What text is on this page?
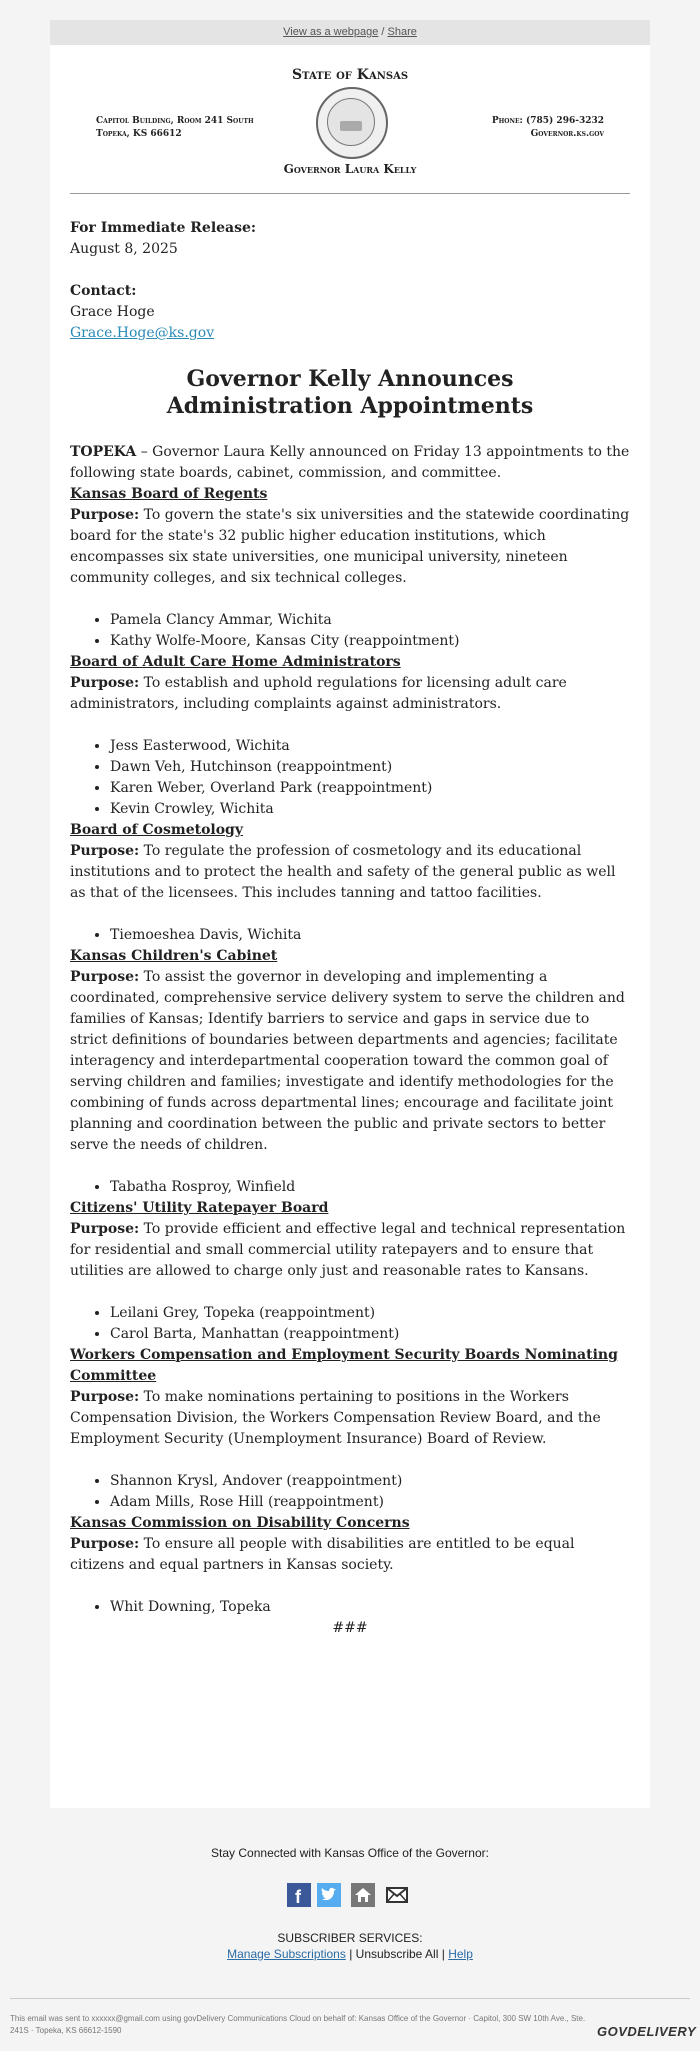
View as a webpage / Share
State of Kansas
Capitol Building, Room 241 South
Topeka, KS 66612
Phone: (785) 296-3232
Governor.ks.gov
Governor Laura Kelly

For Immediate Release:

August 8, 2025

Contact:

Grace Hoge

Grace.Hoge@ks.gov

Governor Kelly Announces
Administration Appointments

TOPEKA – Governor Laura Kelly announced on Friday 13 appointments to the following state boards, cabinet, commission, and committee.

Kansas Board of Regents

Purpose: To govern the state's six universities and the statewide coordinating board for the state's 32 public higher education institutions, which encompasses six state universities, one municipal university, nineteen community colleges, and six technical colleges.

• Pamela Clancy Ammar, Wichita
• Kathy Wolfe-Moore, Kansas City (reappointment)

Board of Adult Care Home Administrators

Purpose: To establish and uphold regulations for licensing adult care administrators, including complaints against administrators.

• Jess Easterwood, Wichita
• Dawn Veh, Hutchinson (reappointment)
• Karen Weber, Overland Park (reappointment)
• Kevin Crowley, Wichita

Board of Cosmetology

Purpose: To regulate the profession of cosmetology and its educational institutions and to protect the health and safety of the general public as well as that of the licensees. This includes tanning and tattoo facilities.

• Tiemoeshea Davis, Wichita

Kansas Children's Cabinet

Purpose: To assist the governor in developing and implementing a coordinated, comprehensive service delivery system to serve the children and families of Kansas; Identify barriers to service and gaps in service due to strict definitions of boundaries between departments and agencies; facilitate interagency and interdepartmental cooperation toward the common goal of serving children and families; investigate and identify methodologies for the combining of funds across departmental lines; encourage and facilitate joint planning and coordination between the public and private sectors to better serve the needs of children.

• Tabatha Rosproy, Winfield

Citizens' Utility Ratepayer Board

Purpose: To provide efficient and effective legal and technical representation for residential and small commercial utility ratepayers and to ensure that utilities are allowed to charge only just and reasonable rates to Kansans.

• Leilani Grey, Topeka (reappointment)
• Carol Barta, Manhattan (reappointment)

Workers Compensation and Employment Security Boards Nominating Committee

Purpose: To make nominations pertaining to positions in the Workers Compensation Division, the Workers Compensation Review Board, and the Employment Security (Unemployment Insurance) Board of Review.

• Shannon Krysl, Andover (reappointment)
• Adam Mills, Rose Hill (reappointment)

Kansas Commission on Disability Concerns

Purpose: To ensure all people with disabilities are entitled to be equal citizens and equal partners in Kansas society.

• Whit Downing, Topeka

###

Stay Connected with Kansas Office of the Governor:
f
SUBSCRIBER SERVICES:
Manage Subscriptions | Unsubscribe All | Help
This email was sent to xxxxxx@gmail.com using govDelivery Communications Cloud on behalf of: Kansas Office of the Governor · Capitol, 300 SW 10th Ave., Ste. 241S · Topeka, KS 66612-1590	GOVDELIVERY
